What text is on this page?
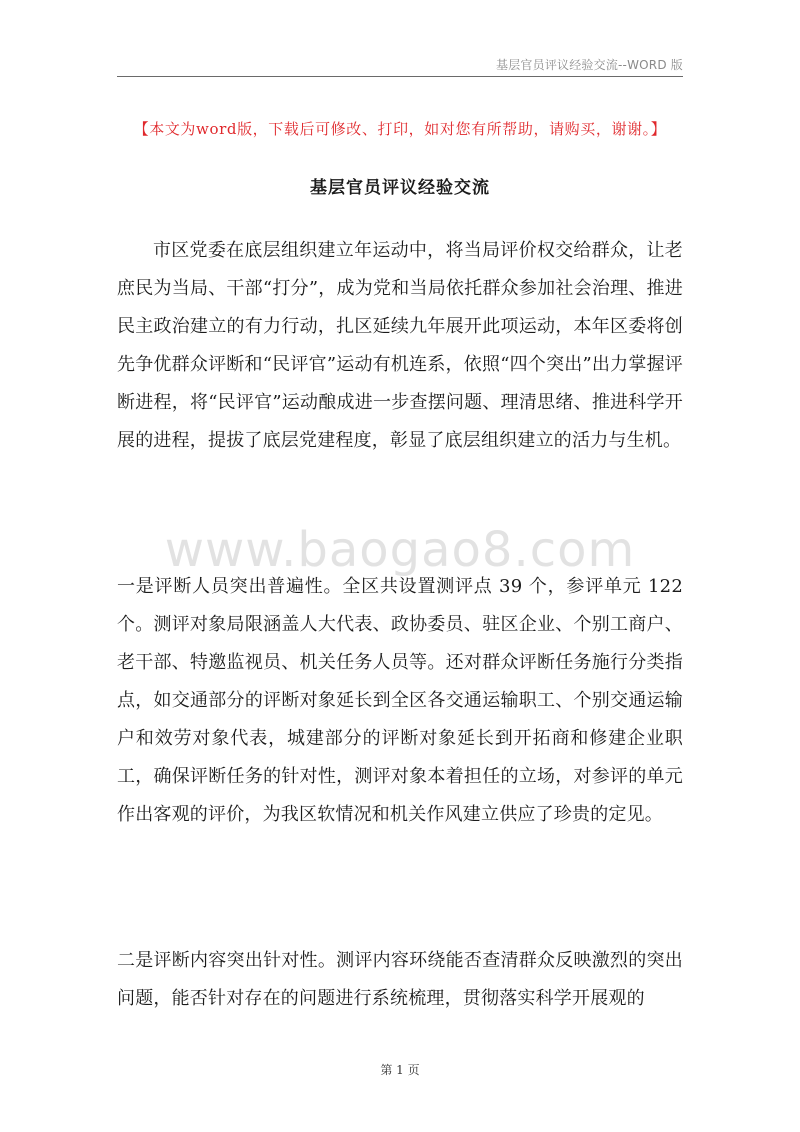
基层官员评议经验交流--WORD 版
【本文为word版，下载后可修改、打印，如对您有所帮助，请购买，谢谢。】
基层官员评议经验交流

市区党委在底层组织建立年运动中，将当局评价权交给群众，让老庶民为当局、干部“打分”，成为党和当局依托群众参加社会治理、推进民主政治建立的有力行动，扎区延续九年展开此项运动，本年区委将创先争优群众评断和“民评官”运动有机连系，依照“四个突出”出力掌握评断进程，将“民评官”运动酿成进一步查摆问题、理清思绪、推进科学开展的进程，提拔了底层党建程度，彰显了底层组织建立的活力与生机。

www.baogao8.com

一是评断人员突出普遍性。全区共设置测评点 39 个，参评单元 122 个。测评对象局限涵盖人大代表、政协委员、驻区企业、个别工商户、老干部、特邀监视员、机关任务人员等。还对群众评断任务施行分类指点，如交通部分的评断对象延长到全区各交通运输职工、个别交通运输户和效劳对象代表，城建部分的评断对象延长到开拓商和修建企业职工，确保评断任务的针对性，测评对象本着担任的立场，对参评的单元作出客观的评价，为我区软情况和机关作风建立供应了珍贵的定见。

二是评断内容突出针对性。测评内容环绕能否查清群众反映激烈的突出问题，能否针对存在的问题进行系统梳理，贯彻落实科学开展观的

第 1 页
